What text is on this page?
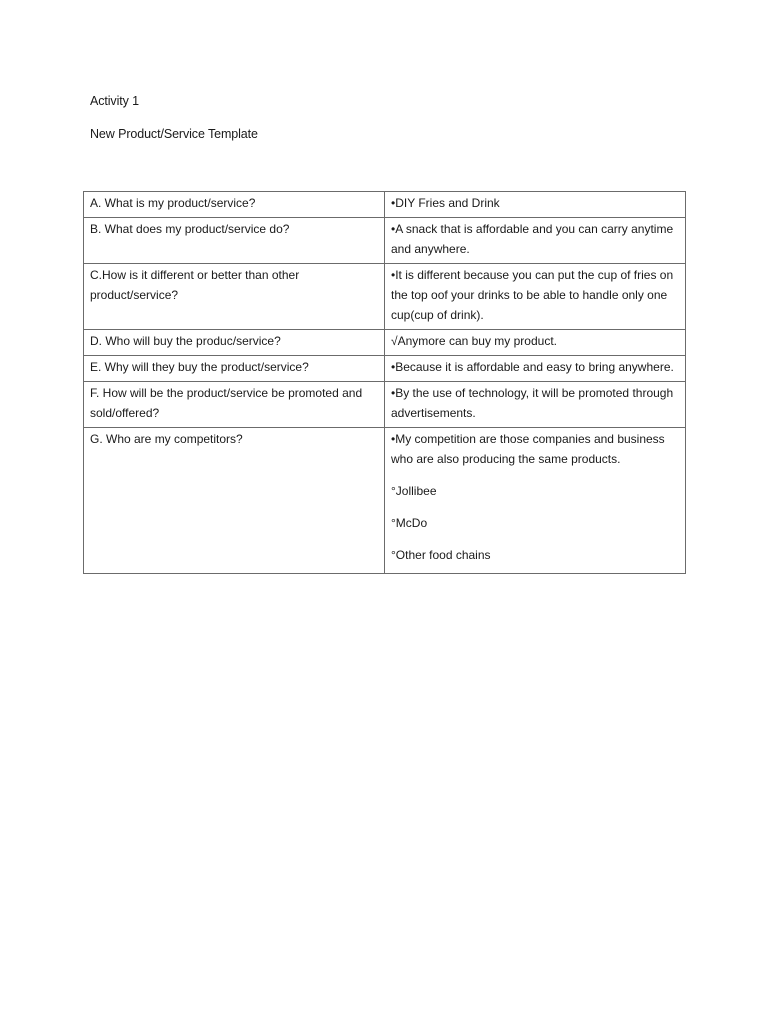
Activity 1
New Product/Service Template
A. What is my product/service?	•DIY Fries and Drink
B. What does my product/service do?	•A snack that is affordable and you can carry anytime and anywhere.
C.How is it different or better than other product/service?	•It is different because you can put the cup of fries on the top oof your drinks to be able to handle only one cup(cup of drink).
D. Who will buy the produc/service?	√Anymore can buy my product.
E. Why will they buy the product/service?	•Because it is affordable and easy to bring anywhere.
F. How will be the product/service be promoted and sold/offered?	•By the use of technology, it will be promoted through advertisements.
G. Who are my competitors?	•My competition are those companies and business who are also producing the same products.

°Jollibee

°McDo

°Other food chains
